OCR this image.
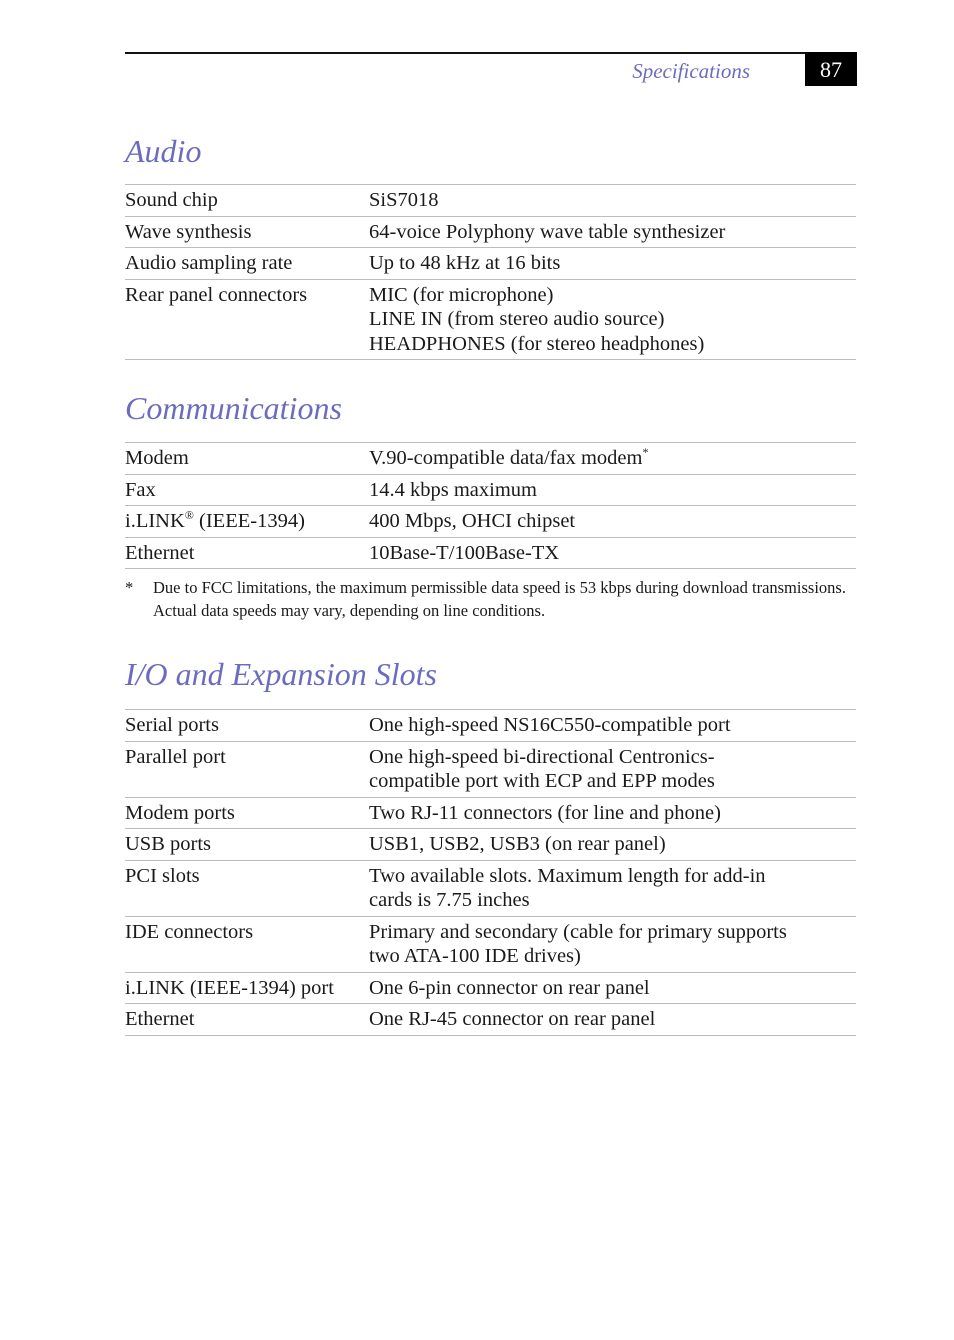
Specifications	87
Audio
Sound chip	SiS7018
Wave synthesis	64-voice Polyphony wave table synthesizer
Audio sampling rate	Up to 48 kHz at 16 bits
Rear panel connectors	MIC (for microphone)
LINE IN (from stereo audio source)
HEADPHONES (for stereo headphones)
Communications
Modem	V.90-compatible data/fax modem*
Fax	14.4 kbps maximum
i.LINK® (IEEE-1394)	400 Mbps, OHCI chipset
Ethernet	10Base-T/100Base-TX
*	Due to FCC limitations, the maximum permissible data speed is 53 kbps during download transmissions. Actual data speeds may vary, depending on line conditions.
I/O and Expansion Slots
Serial ports	One high-speed NS16C550-compatible port
Parallel port	One high-speed bi-directional Centronics-
compatible port with ECP and EPP modes
Modem ports	Two RJ-11 connectors (for line and phone)
USB ports	USB1, USB2, USB3 (on rear panel)
PCI slots	Two available slots. Maximum length for add-in
cards is 7.75 inches
IDE connectors	Primary and secondary (cable for primary supports
two ATA-100 IDE drives)
i.LINK (IEEE-1394) port	One 6-pin connector on rear panel
Ethernet	One RJ-45 connector on rear panel
